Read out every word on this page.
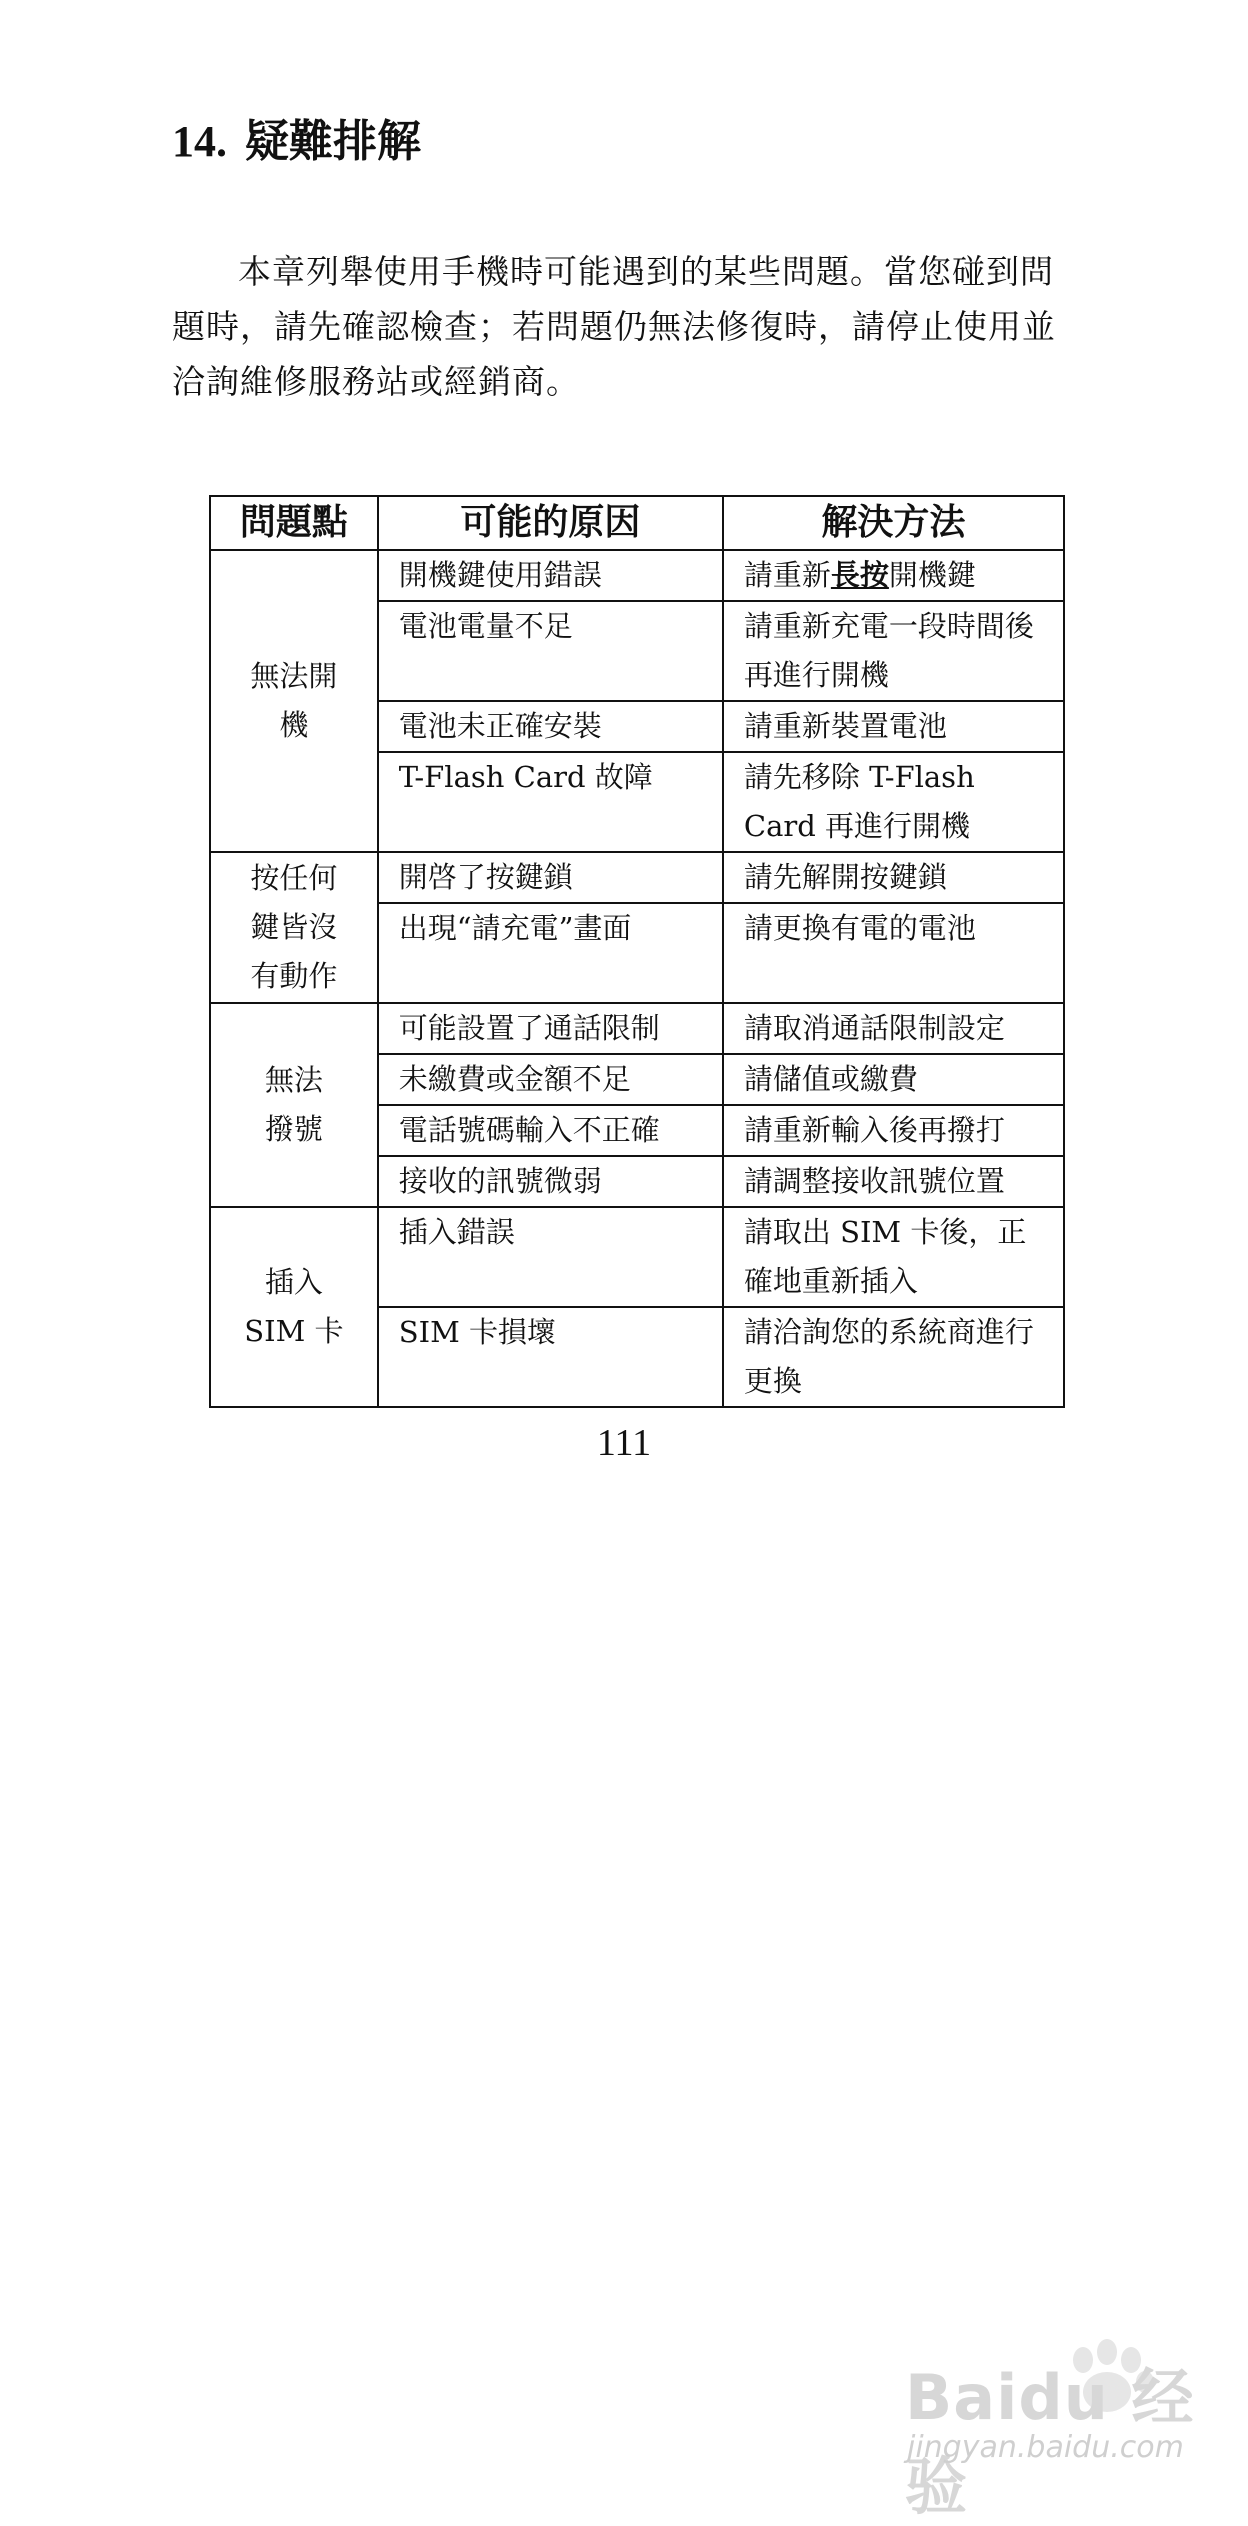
14. 疑難排解

本章列舉使用手機時可能遇到的某些問題。當您碰到問題時，請先確認檢查；若問題仍無法修復時，請停止使用並洽詢維修服務站或經銷商。

問題點	可能的原因	解決方法

無法開機	開機鍵使用錯誤	請重新長按開機鍵
	電池電量不足	請重新充電一段時間後再進行開機
	電池未正確安裝	請重新裝置電池
	T-Flash Card 故障	請先移除 T-Flash Card 再進行開機

按任何鍵皆沒有動作	開啓了按鍵鎖	請先解開按鍵鎖
	出現“請充電”畫面	請更換有電的電池

無法撥號	可能設置了通話限制	請取消通話限制設定
	未繳費或金額不足	請儲值或繳費
	電話號碼輸入不正確	請重新輸入後再撥打
	接收的訊號微弱	請調整接收訊號位置

插入 SIM 卡	插入錯誤	請取出 SIM 卡後，正確地重新插入
	SIM 卡損壞	請洽詢您的系統商進行更換
111
Baidu 经验
jingyan.baidu.com
